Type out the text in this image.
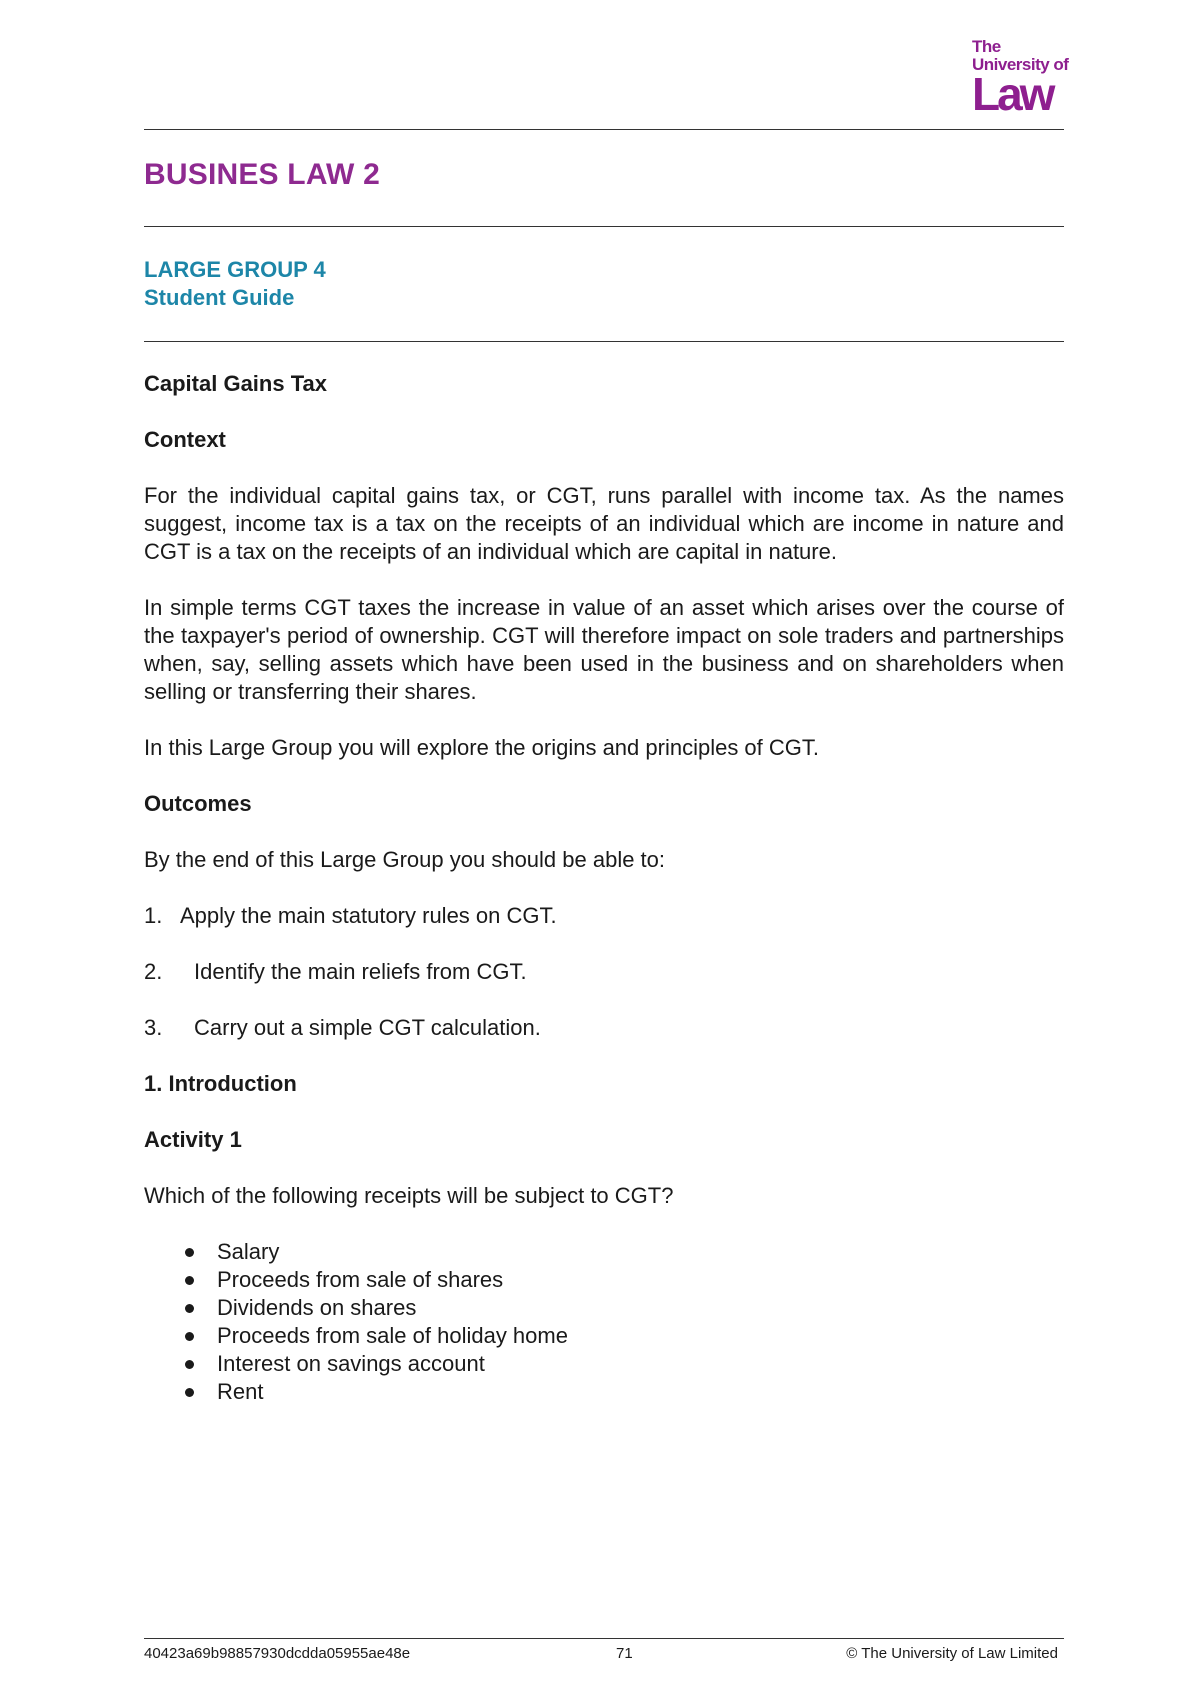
The
University of
Law
BUSINES LAW 2
LARGE GROUP 4
Student Guide

Capital Gains Tax

Context

For the individual capital gains tax, or CGT, runs parallel with income tax. As the names suggest, income tax is a tax on the receipts of an individual which are income in nature and CGT is a tax on the receipts of an individual which are capital in nature.

In simple terms CGT taxes the increase in value of an asset which arises over the course of the taxpayer's period of ownership. CGT will therefore impact on sole traders and partnerships when, say, selling assets which have been used in the business and on shareholders when selling or transferring their shares.

In this Large Group you will explore the origins and principles of CGT.

Outcomes

By the end of this Large Group you should be able to:

1. Apply the main statutory rules on CGT.
2.	Identify the main reliefs from CGT.
3.	Carry out a simple CGT calculation.

1. Introduction

Activity 1

Which of the following receipts will be subject to CGT?

Salary
Proceeds from sale of shares
Dividends on shares
Proceeds from sale of holiday home
Interest on savings account
Rent
40423a69b98857930dcdda05955ae48e	71	© The University of Law Limited
